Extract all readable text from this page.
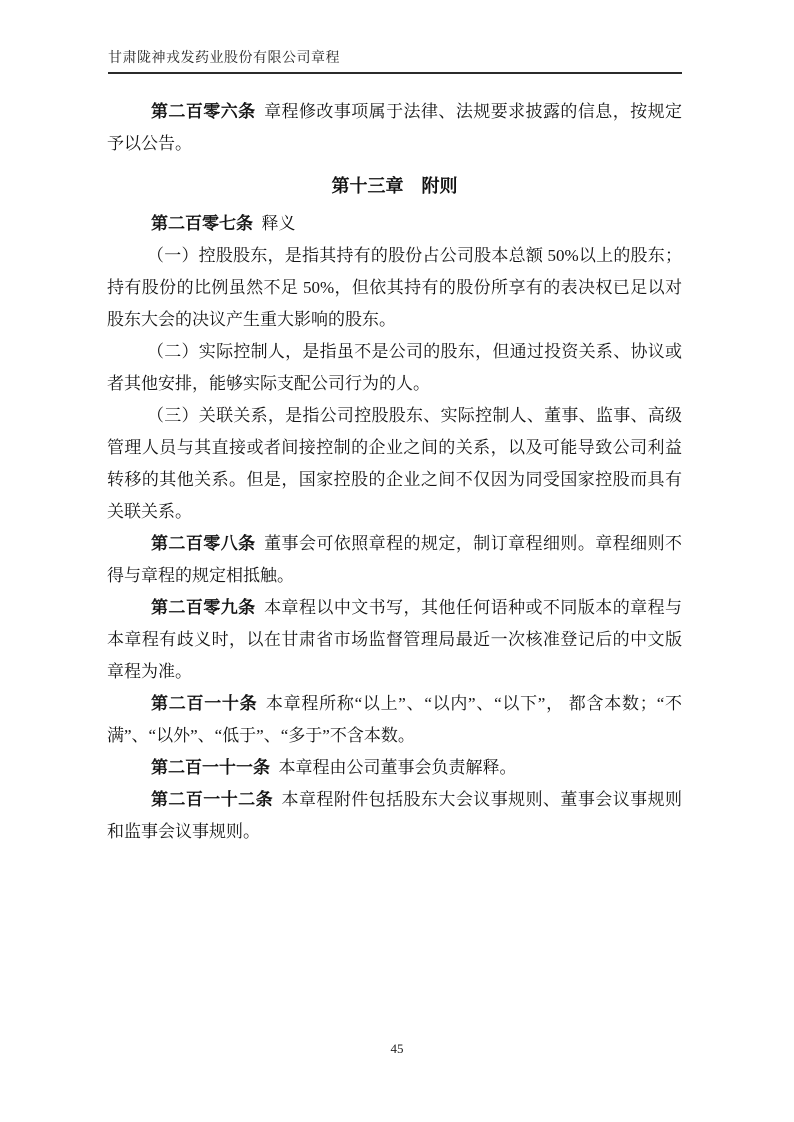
甘肃陇神戎发药业股份有限公司章程

第二百零六条 章程修改事项属于法律、法规要求披露的信息，按规定予以公告。

第十三章　附则

第二百零七条 释义

（一）控股股东，是指其持有的股份占公司股本总额 50%以上的股东；持有股份的比例虽然不足 50%，但依其持有的股份所享有的表决权已足以对股东大会的决议产生重大影响的股东。

（二）实际控制人，是指虽不是公司的股东，但通过投资关系、协议或者其他安排，能够实际支配公司行为的人。

（三）关联关系，是指公司控股股东、实际控制人、董事、监事、高级管理人员与其直接或者间接控制的企业之间的关系，以及可能导致公司利益转移的其他关系。但是，国家控股的企业之间不仅因为同受国家控股而具有关联关系。

第二百零八条 董事会可依照章程的规定，制订章程细则。章程细则不得与章程的规定相抵触。

第二百零九条 本章程以中文书写，其他任何语种或不同版本的章程与本章程有歧义时，以在甘肃省市场监督管理局最近一次核准登记后的中文版章程为准。

第二百一十条 本章程所称“以上”、“以内”、“以下”， 都含本数；“不满”、“以外”、“低于”、“多于”不含本数。

第二百一十一条 本章程由公司董事会负责解释。

第二百一十二条 本章程附件包括股东大会议事规则、董事会议事规则和监事会议事规则。

45
